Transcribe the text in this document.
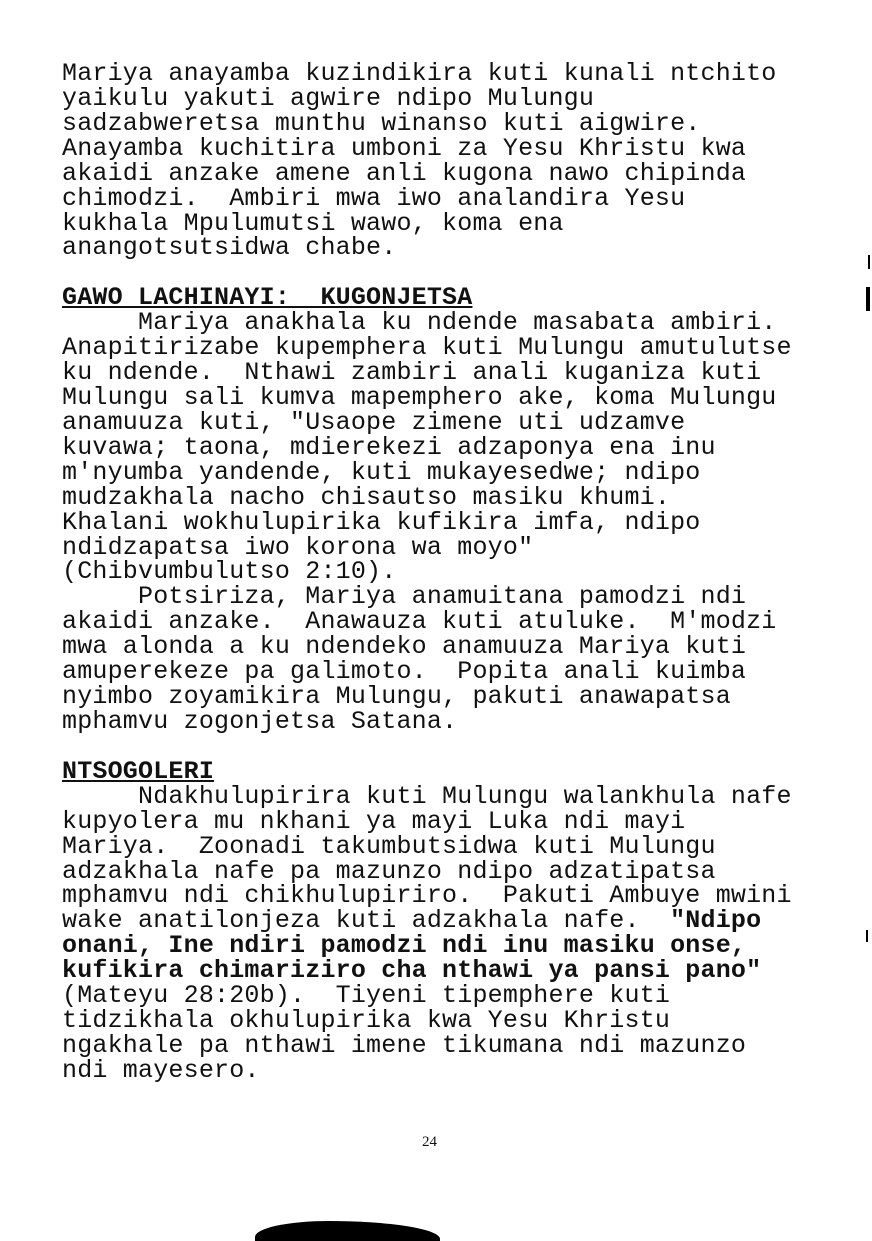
Mariya anayamba kuzindikira kuti kunali ntchito
yaikulu yakuti agwire ndipo Mulungu
sadzabweretsa munthu winanso kuti aigwire.
Anayamba kuchitira umboni za Yesu Khristu kwa
akaidi anzake amene anli kugona nawo chipinda
chimodzi.  Ambiri mwa iwo analandira Yesu
kukhala Mpulumutsi wawo, koma ena
anangotsutsidwa chabe.
GAWO LACHINAYI:  KUGONJETSA
Mariya anakhala ku ndende masabata ambiri.
Anapitirizabe kupemphera kuti Mulungu amutulutse
ku ndende.  Nthawi zambiri anali kuganiza kuti
Mulungu sali kumva mapemphero ake, koma Mulungu
anamuuza kuti, "Usaope zimene uti udzamve
kuvawa; taona, mdierekezi adzaponya ena inu
m'nyumba yandende, kuti mukayesedwe; ndipo
mudzakhala nacho chisautso masiku khumi.
Khalani wokhulupirika kufikira imfa, ndipo
ndidzapatsa iwo korona wa moyo"
(Chibvumbulutso 2:10).
Potsiriza, Mariya anamuitana pamodzi ndi
akaidi anzake.  Anawauza kuti atuluke.  M'modzi
mwa alonda a ku ndendeko anamuuza Mariya kuti
amuperekeze pa galimoto.  Popita anali kuimba
nyimbo zoyamikira Mulungu, pakuti anawapatsa
mphamvu zogonjetsa Satana.
NTSOGOLERI
Ndakhulupirira kuti Mulungu walankhula nafe
kupyolera mu nkhani ya mayi Luka ndi mayi
Mariya.  Zoonadi takumbutsidwa kuti Mulungu
adzakhala nafe pa mazunzo ndipo adzatipatsa
mphamvu ndi chikhulupiriro.  Pakuti Ambuye mwini
wake anatilonjeza kuti adzakhala nafe.  "Ndipo
onani, Ine ndiri pamodzi ndi inu masiku onse,
kufikira chimariziro cha nthawi ya pansi pano"
(Mateyu 28:20b).  Tiyeni tipemphere kuti
tidzikhala okhulupirika kwa Yesu Khristu
ngakhale pa nthawi imene tikumana ndi mazunzo
ndi mayesero.
24
